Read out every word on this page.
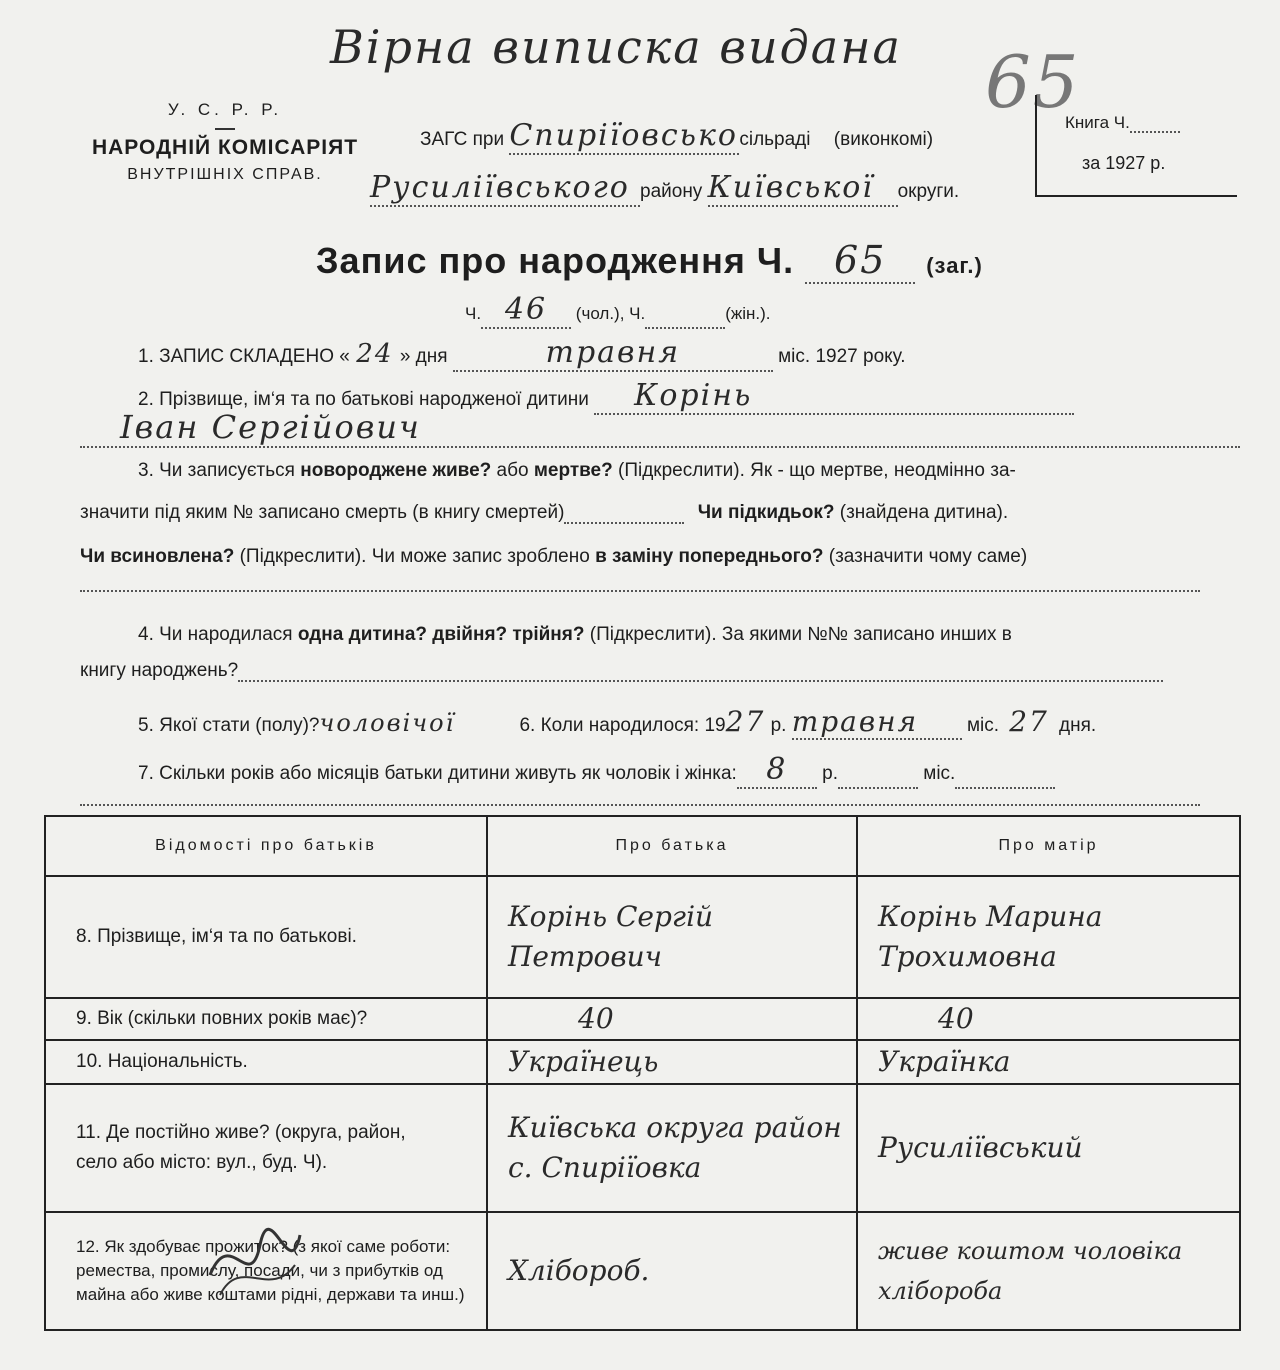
Вірна виписка видана 65
У. С. Р. Р.
НАРОДНІЙ КОМІСАРІЯТ
ВНУТРІШНІХ СПРАВ.
ЗАГС при Спиріїовськосільраді (виконкомі)
Русиліївського району Київської округи.
Книга Ч.
за 1927 р.
Запис про народження Ч. 65 (заг.)
Ч. 46 (чол.), Ч.	(жін.).
1. ЗАПИС СКЛАДЕНО « 24 » дня	травня	міс. 1927 року.
2. Прізвище, ім‘я та по батькові народженої дитини Корінь
Іван Сергійович
3. Чи записується новороджене живе? або мертве? (Підкреслити). Як - що мертве, неодмінно за-
значити під яким № записано смерть (в книгу смертей)	Чи підкидьок? (знайдена дитина).
Чи всиновлена? (Підкреслити). Чи може запис зроблено в заміну попереднього? (зазначити чому саме)
4. Чи народилася одна дитина? двійня? трійня? (Підкреслити). За якими №№ записано инших в
книгу народжень?
5. Якої стати (полу)?чоловічої	6. Коли народилося: 1927 р. травня	міс. 27 дня.
7. Скільки років або місяців батьки дитини живуть як чоловік і жінка: 8 р.	міс.
Відомості про батьків	Про батька	Про матір
8. Прізвище, ім‘я та по батькові.	Корінь Сергій Петрович	Корінь Марина Трохимовна
9. Вік (скільки повних років має)?	40	40
10. Національність.	Українець	Українка
11. Де постійно живе? (округа, район, село або місто: вул., буд. Ч).	Київська округа район с. Спиріїовка	Русиліївський
12. Як здобуває прожиток? (з якої саме роботи: ремества, промислу, посади, чи з прибутків од майна або живе коштами рідні, держави та инш.)	Хлібороб.	живе коштом чоловіка хлібороба
